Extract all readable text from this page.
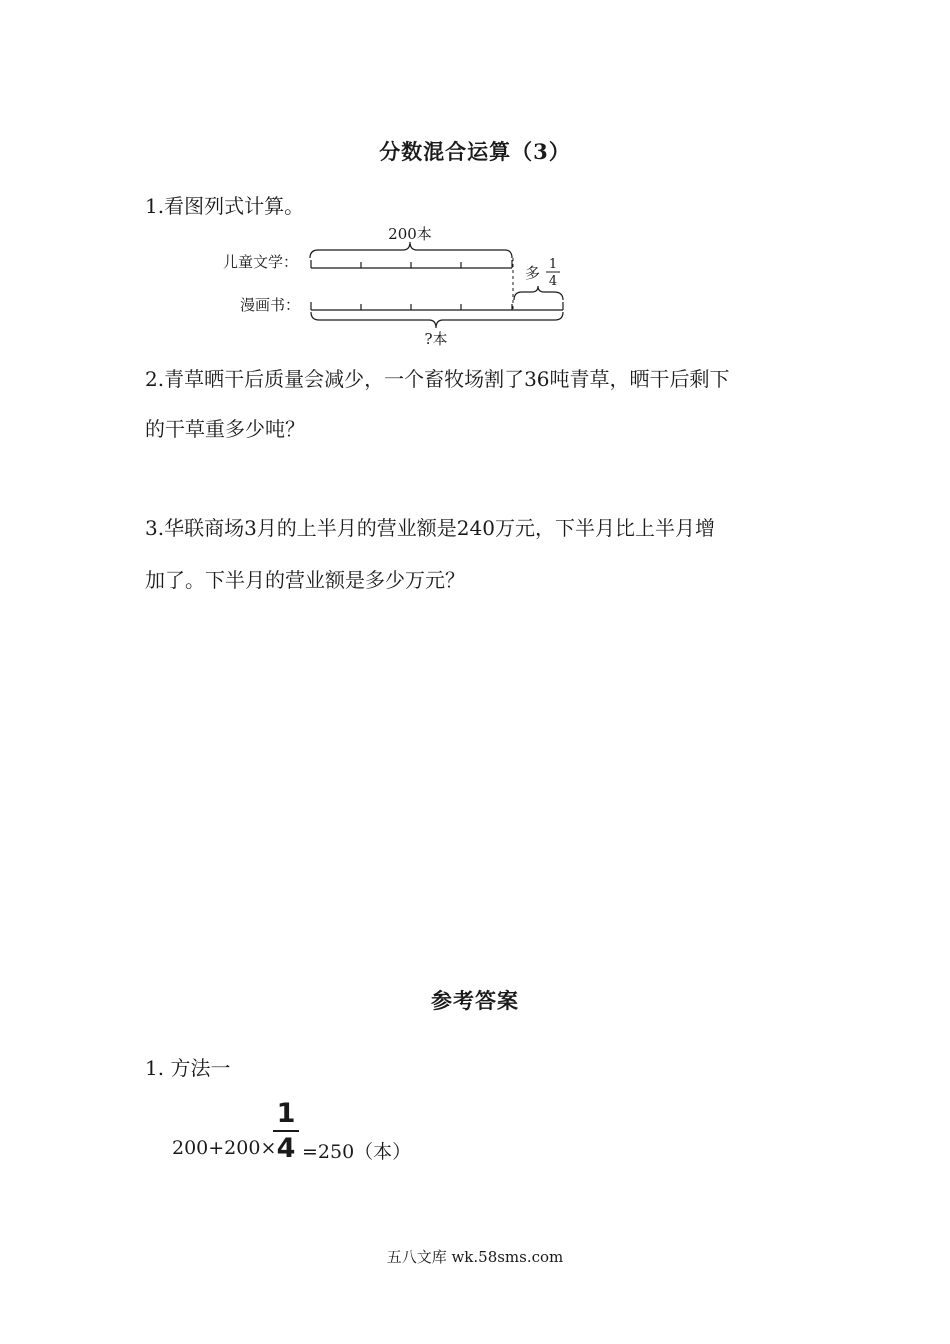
分数混合运算（3）
1.看图列式计算。
200本
儿童文学：
多 1
4
漫画书：
?本
2.青草晒干后质量会减少，一个畜牧场割了36吨青草，晒干后剩下
的干草重多少吨？
3.华联商场3月的上半月的营业额是240万元，下半月比上半月增
加了。下半月的营业额是多少万元？
参考答案
1. 方法一
200+200×
1
4 =250（本）
五八文库 wk.58sms.com
